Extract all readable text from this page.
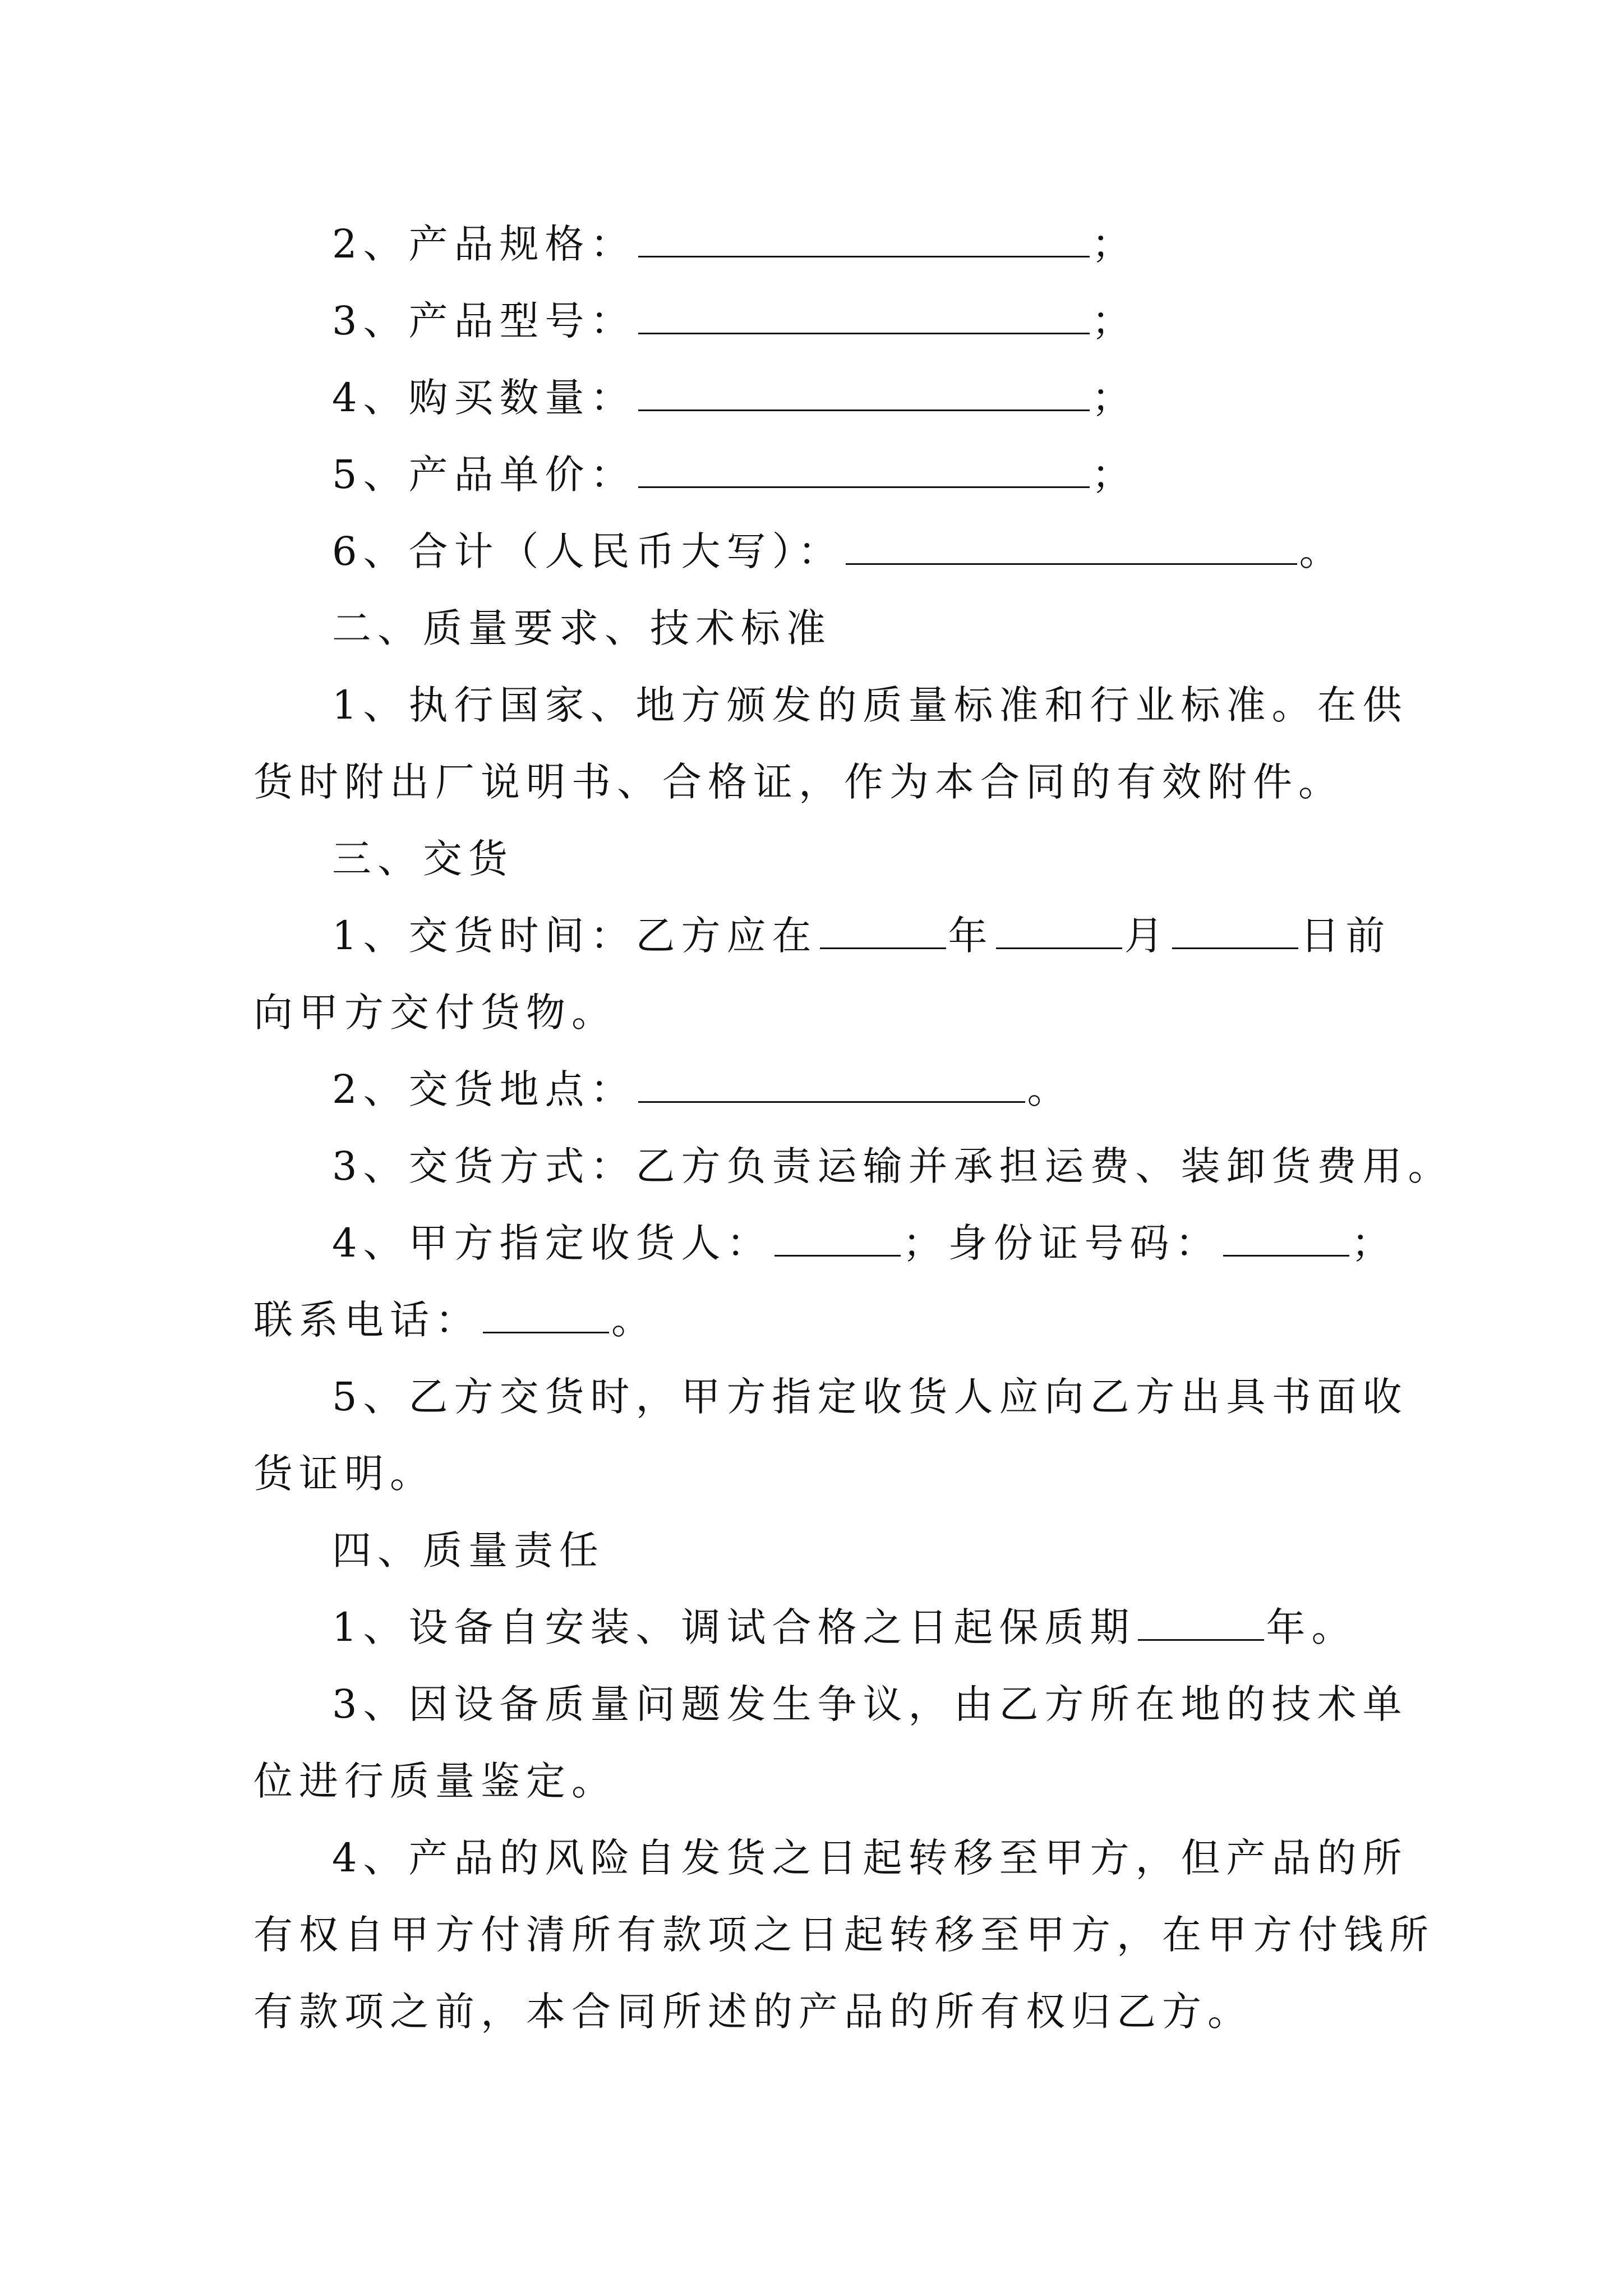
2、产品规格：	；
3、产品型号：	；
4、购买数量：	；
5、产品单价：	；
6、合计（人民币大写）：	。
二、质量要求、技术标准
1、执行国家、地方颁发的质量标准和行业标准。在供
货时附出厂说明书、合格证，作为本合同的有效附件。
三、交货
1、交货时间：乙方应在	年	月	日前
向甲方交付货物。
2、交货地点：	。
3、交货方式：乙方负责运输并承担运费、装卸货费用。
4、甲方指定收货人：	；身份证号码：	；
联系电话：	。
5、乙方交货时，甲方指定收货人应向乙方出具书面收
货证明。
四、质量责任
1、设备自安装、调试合格之日起保质期	年。
3、因设备质量问题发生争议，由乙方所在地的技术单
位进行质量鉴定。
4、产品的风险自发货之日起转移至甲方，但产品的所
有权自甲方付清所有款项之日起转移至甲方，在甲方付钱所
有款项之前，本合同所述的产品的所有权归乙方。
